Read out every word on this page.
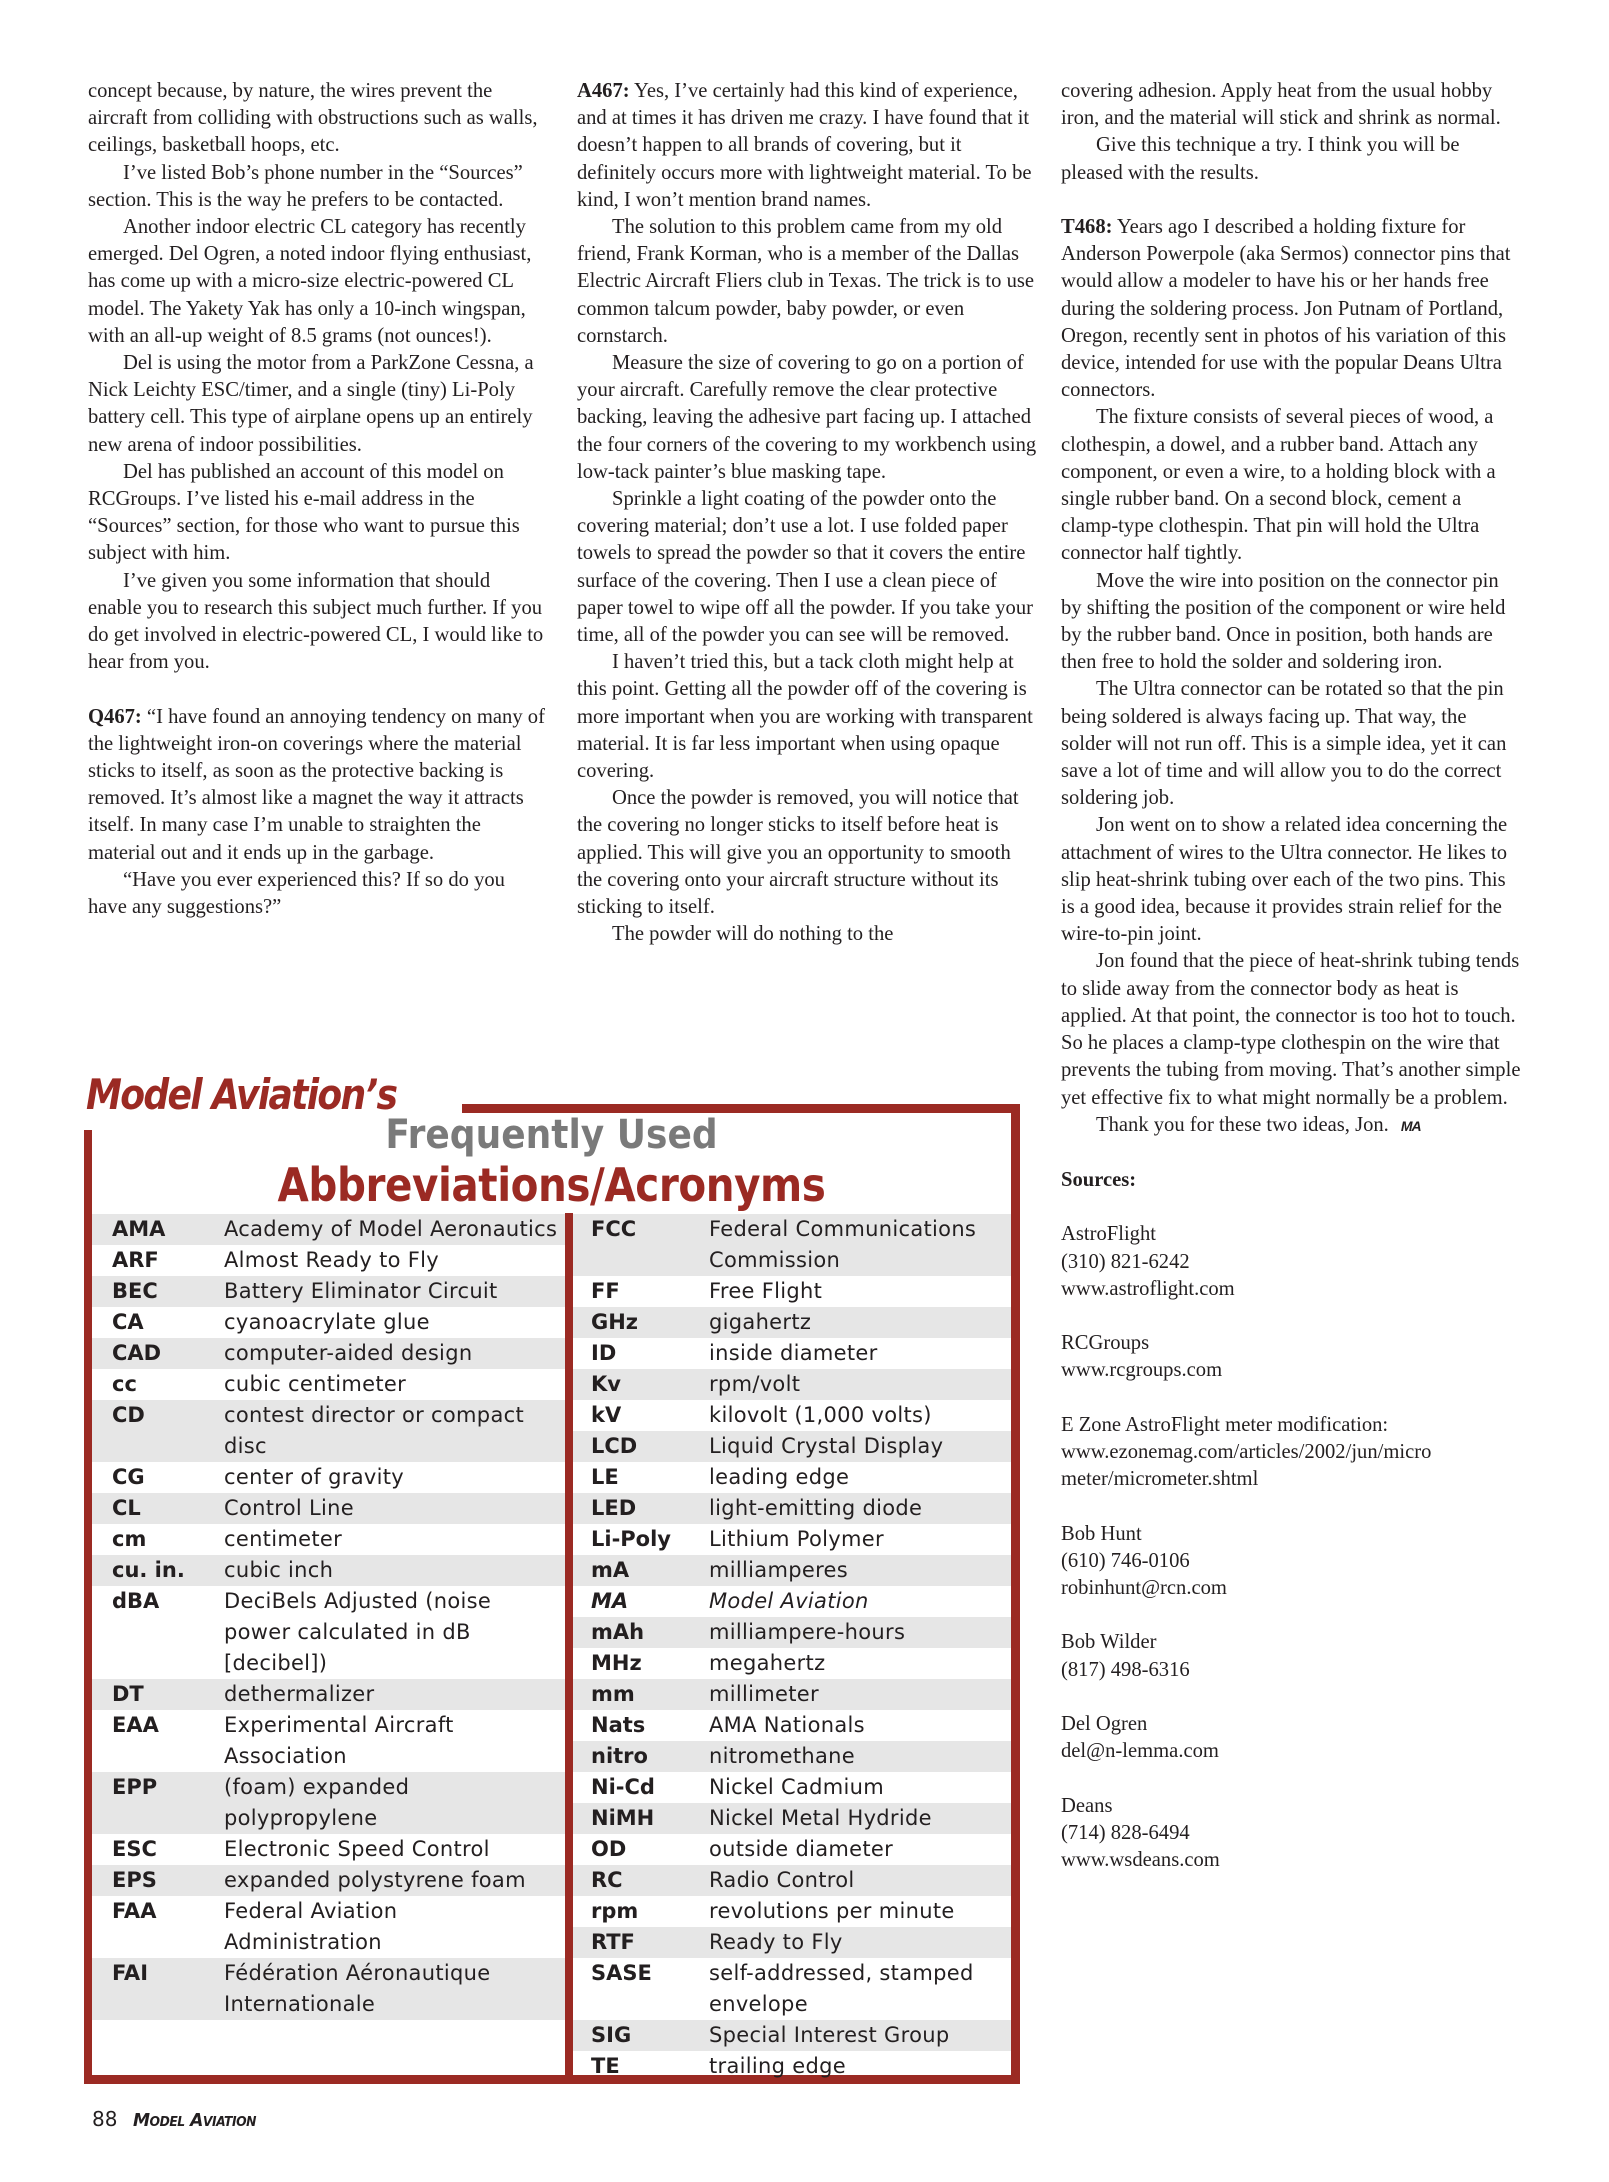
concept because, by nature, the wires prevent the aircraft from colliding with obstructions such as walls, ceilings, basketball hoops, etc.

I’ve listed Bob’s phone number in the “Sources” section. This is the way he prefers to be contacted.

Another indoor electric CL category has recently emerged. Del Ogren, a noted indoor flying enthusiast, has come up with a micro-size electric-powered CL model. The Yakety Yak has only a 10-inch wingspan, with an all-up weight of 8.5 grams (not ounces!).

Del is using the motor from a ParkZone Cessna, a Nick Leichty ESC/timer, and a single (tiny) Li-Poly battery cell. This type of airplane opens up an entirely new arena of indoor possibilities.

Del has published an account of this model on RCGroups. I’ve listed his e-mail address in the “Sources” section, for those who want to pursue this subject with him.

I’ve given you some information that should enable you to research this subject much further. If you do get involved in electric-powered CL, I would like to hear from you.

Q467: “I have found an annoying tendency on many of the lightweight iron-on coverings where the material sticks to itself, as soon as the protective backing is removed. It’s almost like a magnet the way it attracts itself. In many case I’m unable to straighten the material out and it ends up in the garbage.

“Have you ever experienced this? If so do you have any suggestions?”

A467: Yes, I’ve certainly had this kind of experience, and at times it has driven me crazy. I have found that it doesn’t happen to all brands of covering, but it definitely occurs more with lightweight material. To be kind, I won’t mention brand names.

The solution to this problem came from my old friend, Frank Korman, who is a member of the Dallas Electric Aircraft Fliers club in Texas. The trick is to use common talcum powder, baby powder, or even cornstarch.

Measure the size of covering to go on a portion of your aircraft. Carefully remove the clear protective backing, leaving the adhesive part facing up. I attached the four corners of the covering to my workbench using low-tack painter’s blue masking tape.

Sprinkle a light coating of the powder onto the covering material; don’t use a lot. I use folded paper towels to spread the powder so that it covers the entire surface of the covering. Then I use a clean piece of paper towel to wipe off all the powder. If you take your time, all of the powder you can see will be removed.

I haven’t tried this, but a tack cloth might help at this point. Getting all the powder off of the covering is more important when you are working with transparent material. It is far less important when using opaque covering.

Once the powder is removed, you will notice that the covering no longer sticks to itself before heat is applied. This will give you an opportunity to smooth the covering onto your aircraft structure without its sticking to itself.

The powder will do nothing to the

covering adhesion. Apply heat from the usual hobby iron, and the material will stick and shrink as normal.

Give this technique a try. I think you will be pleased with the results.

T468: Years ago I described a holding fixture for Anderson Powerpole (aka Sermos) connector pins that would allow a modeler to have his or her hands free during the soldering process. Jon Putnam of Portland, Oregon, recently sent in photos of his variation of this device, intended for use with the popular Deans Ultra connectors.

The fixture consists of several pieces of wood, a clothespin, a dowel, and a rubber band. Attach any component, or even a wire, to a holding block with a single rubber band. On a second block, cement a clamp-type clothespin. That pin will hold the Ultra connector half tightly.

Move the wire into position on the connector pin by shifting the position of the component or wire held by the rubber band. Once in position, both hands are then free to hold the solder and soldering iron.

The Ultra connector can be rotated so that the pin being soldered is always facing up. That way, the solder will not run off. This is a simple idea, yet it can save a lot of time and will allow you to do the correct soldering job.

Jon went on to show a related idea concerning the attachment of wires to the Ultra connector. He likes to slip heat-shrink tubing over each of the two pins. This is a good idea, because it provides strain relief for the wire-to-pin joint.

Jon found that the piece of heat-shrink tubing tends to slide away from the connector body as heat is applied. At that point, the connector is too hot to touch. So he places a clamp-type clothespin on the wire that prevents the tubing from moving. That’s another simple yet effective fix to what might normally be a problem.

Thank you for these two ideas, Jon. MA

Sources:

AstroFlight

(310) 821-6242

www.astroflight.com

RCGroups

www.rcgroups.com

E Zone AstroFlight meter modification:

www.ezonemag.com/articles/2002/jun/micro

meter/micrometer.shtml

Bob Hunt

(610) 746-0106

robinhunt@rcn.com

Bob Wilder

(817) 498-6316

Del Ogren

del@n-lemma.com

Deans

(714) 828-6494

www.wsdeans.com

Model Aviation’s
Frequently Used
Abbreviations/Acronyms
AMA	Academy of Model Aeronautics
ARF	Almost Ready to Fly
BEC	Battery Eliminator Circuit
CA	cyanoacrylate glue
CAD	computer-aided design
cc	cubic centimeter
CD	contest director or compact disc
CG	center of gravity
CL	Control Line
cm	centimeter
cu. in.	cubic inch
dBA	DeciBels Adjusted (noise power calculated in dB [decibel])
DT	dethermalizer
EAA	Experimental Aircraft Association
EPP	(foam) expanded polypropylene
ESC	Electronic Speed Control
EPS	expanded polystyrene foam
FAA	Federal Aviation Administration
FAI	Fédération Aéronautique Internationale
FCC	Federal Communications Commission
FF	Free Flight
GHz	gigahertz
ID	inside diameter
Kv	rpm/volt
kV	kilovolt (1,000 volts)
LCD	Liquid Crystal Display
LE	leading edge
LED	light-emitting diode
Li-Poly	Lithium Polymer
mA	milliamperes
MA	Model Aviation
mAh	milliampere-hours
MHz	megahertz
mm	millimeter
Nats	AMA Nationals
nitro	nitromethane
Ni-Cd	Nickel Cadmium
NiMH	Nickel Metal Hydride
OD	outside diameter
RC	Radio Control
rpm	revolutions per minute
RTF	Ready to Fly
SASE	self-addressed, stamped envelope
SIG	Special Interest Group
TE	trailing edge
88 Model Aviation
